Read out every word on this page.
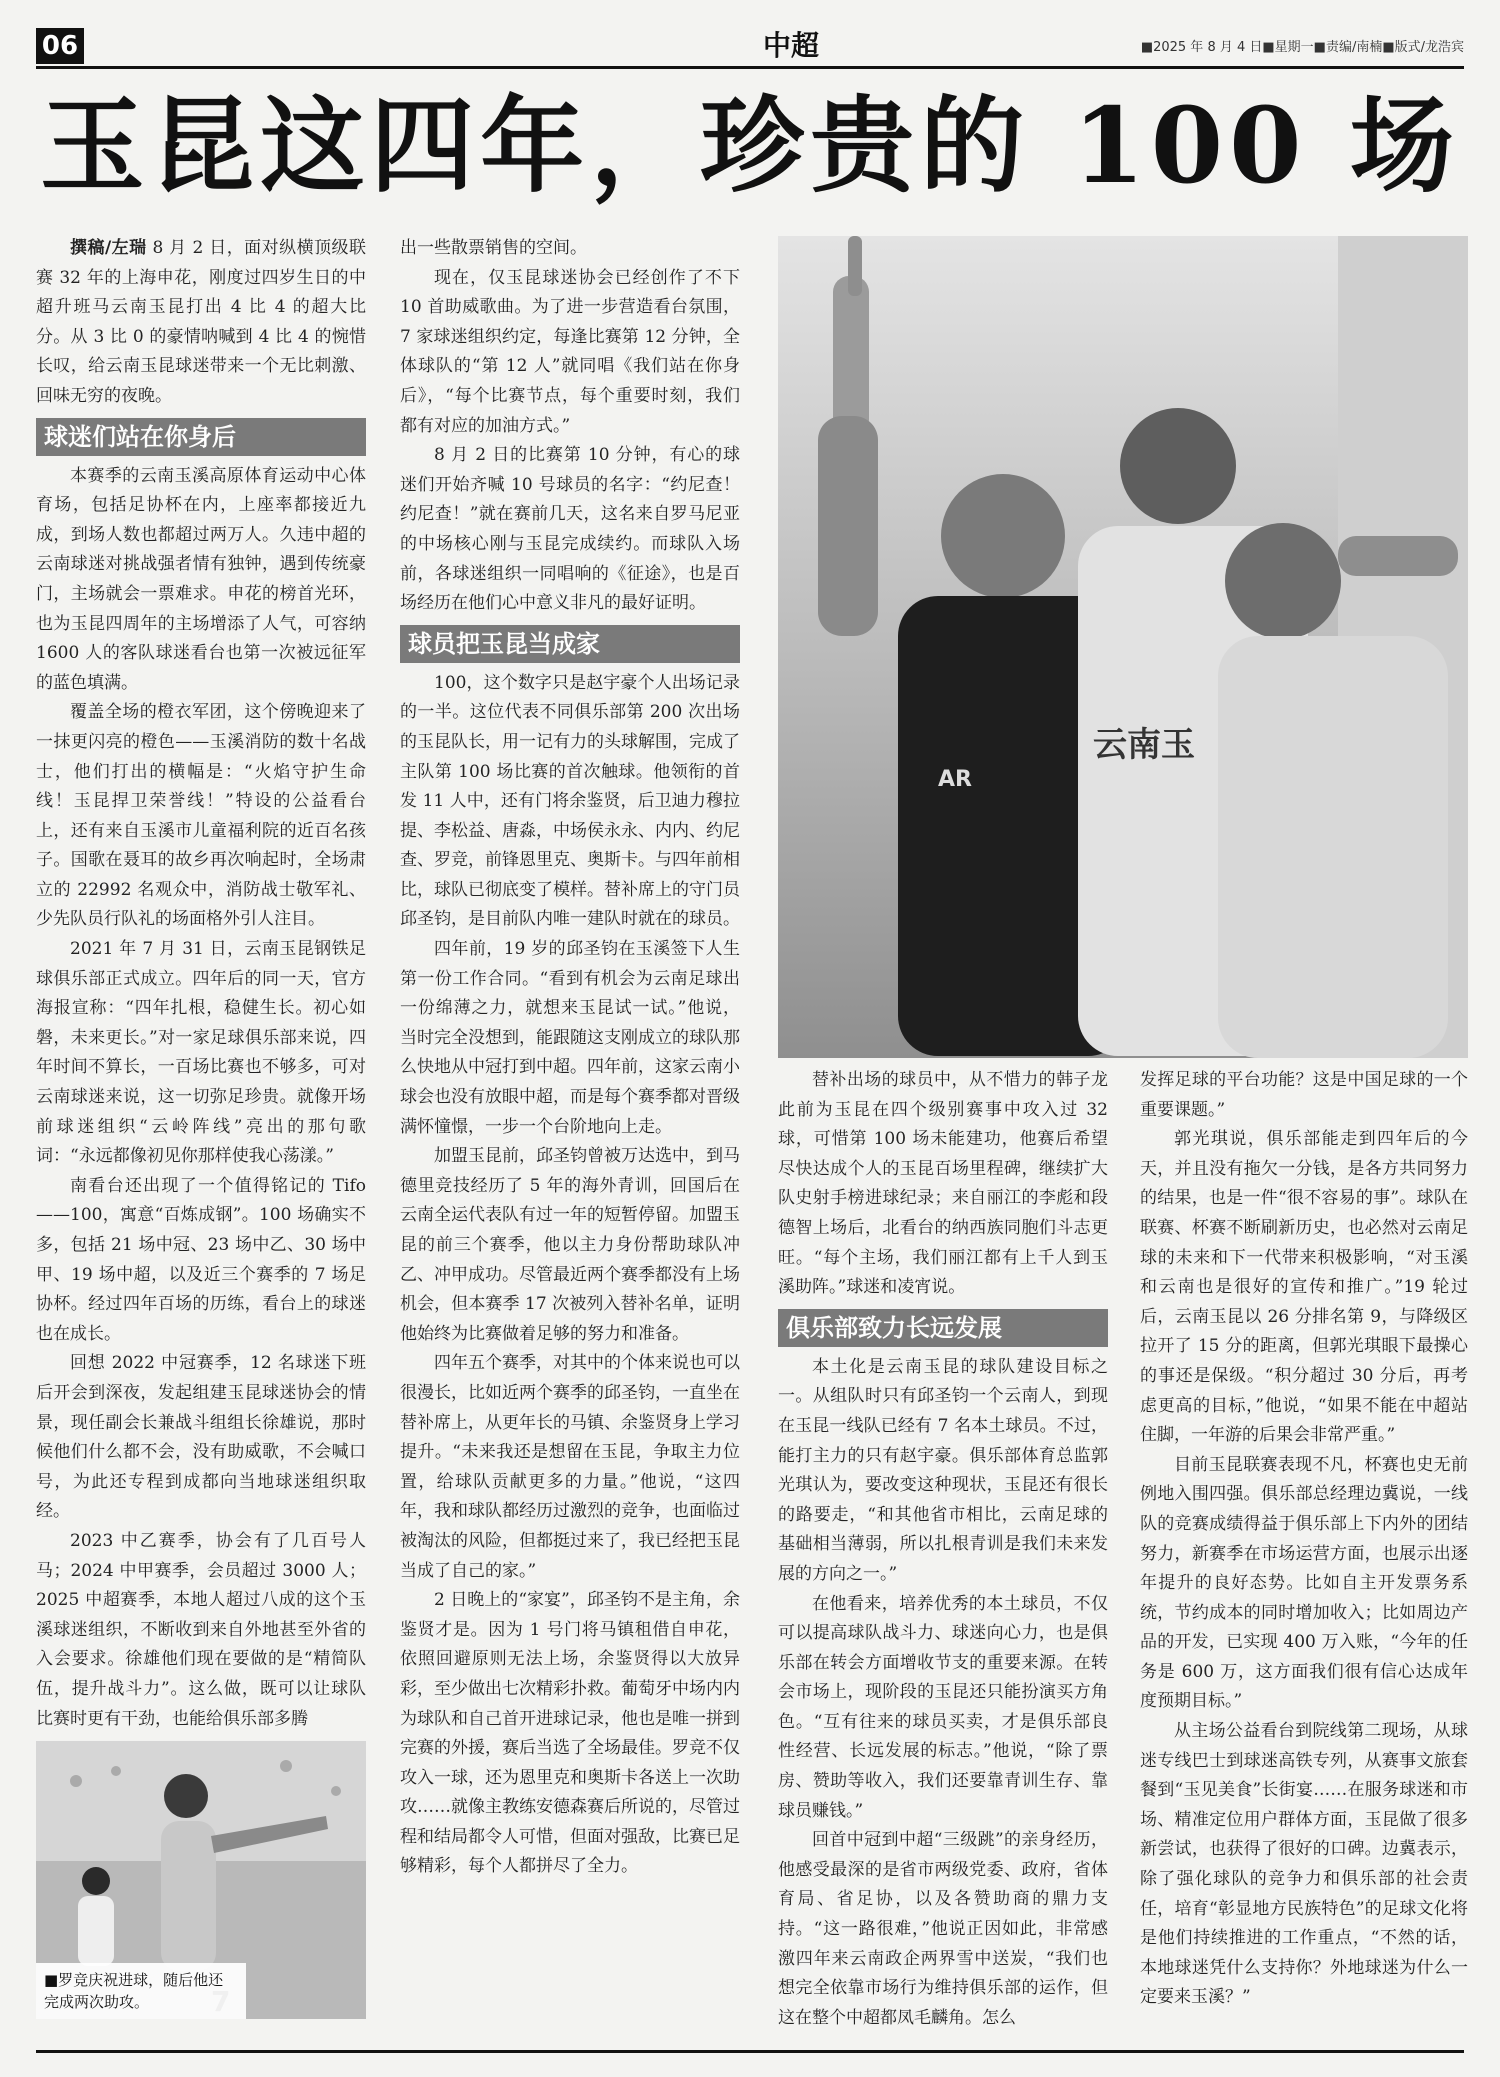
06	中超	■2025 年 8 月 4 日■星期一■责编/南楠■版式/龙浩宾
玉昆这四年，珍贵的 100 场

撰稿/左瑞 8 月 2 日，面对纵横顶级联赛 32 年的上海申花，刚度过四岁生日的中超升班马云南玉昆打出 4 比 4 的超大比分。从 3 比 0 的豪情呐喊到 4 比 4 的惋惜长叹，给云南玉昆球迷带来一个无比刺激、回味无穷的夜晚。

球迷们站在你身后

本赛季的云南玉溪高原体育运动中心体育场，包括足协杯在内，上座率都接近九成，到场人数也都超过两万人。久违中超的云南球迷对挑战强者情有独钟，遇到传统豪门，主场就会一票难求。申花的榜首光环，也为玉昆四周年的主场增添了人气，可容纳 1600 人的客队球迷看台也第一次被远征军的蓝色填满。

覆盖全场的橙衣军团，这个傍晚迎来了一抹更闪亮的橙色——玉溪消防的数十名战士，他们打出的横幅是：“火焰守护生命线！玉昆捍卫荣誉线！”特设的公益看台上，还有来自玉溪市儿童福利院的近百名孩子。国歌在聂耳的故乡再次响起时，全场肃立的 22992 名观众中，消防战士敬军礼、少先队员行队礼的场面格外引人注目。

2021 年 7 月 31 日，云南玉昆钢铁足球俱乐部正式成立。四年后的同一天，官方海报宣称：“四年扎根，稳健生长。初心如磐，未来更长。”对一家足球俱乐部来说，四年时间不算长，一百场比赛也不够多，可对云南球迷来说，这一切弥足珍贵。就像开场前球迷组织“云岭阵线”亮出的那句歌词：“永远都像初见你那样使我心荡漾。”

南看台还出现了一个值得铭记的 Tifo——100，寓意“百炼成钢”。100 场确实不多，包括 21 场中冠、23 场中乙、30 场中甲、19 场中超，以及近三个赛季的 7 场足协杯。经过四年百场的历练，看台上的球迷也在成长。

回想 2022 中冠赛季，12 名球迷下班后开会到深夜，发起组建玉昆球迷协会的情景，现任副会长兼战斗组组长徐雄说，那时候他们什么都不会，没有助威歌，不会喊口号，为此还专程到成都向当地球迷组织取经。

2023 中乙赛季，协会有了几百号人马；2024 中甲赛季，会员超过 3000 人；2025 中超赛季，本地人超过八成的这个玉溪球迷组织，不断收到来自外地甚至外省的入会要求。徐雄他们现在要做的是“精简队伍，提升战斗力”。这么做，既可以让球队比赛时更有干劲，也能给俱乐部多腾

■罗竞庆祝进球，随后他还完成两次助攻。

出一些散票销售的空间。

现在，仅玉昆球迷协会已经创作了不下 10 首助威歌曲。为了进一步营造看台氛围，7 家球迷组织约定，每逢比赛第 12 分钟，全体球队的“第 12 人”就同唱《我们站在你身后》，“每个比赛节点，每个重要时刻，我们都有对应的加油方式。”

8 月 2 日的比赛第 10 分钟，有心的球迷们开始齐喊 10 号球员的名字：“约尼查！约尼查！”就在赛前几天，这名来自罗马尼亚的中场核心刚与玉昆完成续约。而球队入场前，各球迷组织一同唱响的《征途》，也是百场经历在他们心中意义非凡的最好证明。

球员把玉昆当成家

100，这个数字只是赵宇豪个人出场记录的一半。这位代表不同俱乐部第 200 次出场的玉昆队长，用一记有力的头球解围，完成了主队第 100 场比赛的首次触球。他领衔的首发 11 人中，还有门将余鉴贤，后卫迪力穆拉提、李松益、唐淼，中场侯永永、内内、约尼查、罗竞，前锋恩里克、奥斯卡。与四年前相比，球队已彻底变了模样。替补席上的守门员邱圣钧，是目前队内唯一建队时就在的球员。

四年前，19 岁的邱圣钧在玉溪签下人生第一份工作合同。“看到有机会为云南足球出一份绵薄之力，就想来玉昆试一试。”他说，当时完全没想到，能跟随这支刚成立的球队那么快地从中冠打到中超。四年前，这家云南小球会也没有放眼中超，而是每个赛季都对晋级满怀憧憬，一步一个台阶地向上走。

加盟玉昆前，邱圣钧曾被万达选中，到马德里竞技经历了 5 年的海外青训，回国后在云南全运代表队有过一年的短暂停留。加盟玉昆的前三个赛季，他以主力身份帮助球队冲乙、冲甲成功。尽管最近两个赛季都没有上场机会，但本赛季 17 次被列入替补名单，证明他始终为比赛做着足够的努力和准备。

四年五个赛季，对其中的个体来说也可以很漫长，比如近两个赛季的邱圣钧，一直坐在替补席上，从更年长的马镇、余鉴贤身上学习提升。“未来我还是想留在玉昆，争取主力位置，给球队贡献更多的力量。”他说，“这四年，我和球队都经历过激烈的竞争，也面临过被淘汰的风险，但都挺过来了，我已经把玉昆当成了自己的家。”

2 日晚上的“家宴”，邱圣钧不是主角，余鉴贤才是。因为 1 号门将马镇租借自申花，依照回避原则无法上场，余鉴贤得以大放异彩，至少做出七次精彩扑救。葡萄牙中场内内为球队和自己首开进球记录，他也是唯一拼到完赛的外援，赛后当选了全场最佳。罗竞不仅攻入一球，还为恩里克和奥斯卡各送上一次助攻……就像主教练安德森赛后所说的，尽管过程和结局都令人可惜，但面对强敌，比赛已足够精彩，每个人都拼尽了全力。

AR
云南玉

替补出场的球员中，从不惜力的韩子龙此前为玉昆在四个级别赛事中攻入过 32 球，可惜第 100 场未能建功，他赛后希望尽快达成个人的玉昆百场里程碑，继续扩大队史射手榜进球纪录；来自丽江的李彪和段德智上场后，北看台的纳西族同胞们斗志更旺。“每个主场，我们丽江都有上千人到玉溪助阵。”球迷和凌宵说。

俱乐部致力长远发展

本土化是云南玉昆的球队建设目标之一。从组队时只有邱圣钧一个云南人，到现在玉昆一线队已经有 7 名本土球员。不过，能打主力的只有赵宇豪。俱乐部体育总监郭光琪认为，要改变这种现状，玉昆还有很长的路要走，“和其他省市相比，云南足球的基础相当薄弱，所以扎根青训是我们未来发展的方向之一。”

在他看来，培养优秀的本土球员，不仅可以提高球队战斗力、球迷向心力，也是俱乐部在转会方面增收节支的重要来源。在转会市场上，现阶段的玉昆还只能扮演买方角色。“互有往来的球员买卖，才是俱乐部良性经营、长远发展的标志。”他说，“除了票房、赞助等收入，我们还要靠青训生存、靠球员赚钱。”

回首中冠到中超“三级跳”的亲身经历，他感受最深的是省市两级党委、政府，省体育局、省足协，以及各赞助商的鼎力支持。“这一路很难，”他说正因如此，非常感激四年来云南政企两界雪中送炭，“我们也想完全依靠市场行为维持俱乐部的运作，但这在整个中超都凤毛麟角。怎么

发挥足球的平台功能？这是中国足球的一个重要课题。”

郭光琪说，俱乐部能走到四年后的今天，并且没有拖欠一分钱，是各方共同努力的结果，也是一件“很不容易的事”。球队在联赛、杯赛不断刷新历史，也必然对云南足球的未来和下一代带来积极影响，“对玉溪和云南也是很好的宣传和推广。”19 轮过后，云南玉昆以 26 分排名第 9，与降级区拉开了 15 分的距离，但郭光琪眼下最操心的事还是保级。“积分超过 30 分后，再考虑更高的目标，”他说，“如果不能在中超站住脚，一年游的后果会非常严重。”

目前玉昆联赛表现不凡，杯赛也史无前例地入围四强。俱乐部总经理边冀说，一线队的竞赛成绩得益于俱乐部上下内外的团结努力，新赛季在市场运营方面，也展示出逐年提升的良好态势。比如自主开发票务系统，节约成本的同时增加收入；比如周边产品的开发，已实现 400 万入账，“今年的任务是 600 万，这方面我们很有信心达成年度预期目标。”

从主场公益看台到院线第二现场，从球迷专线巴士到球迷高铁专列，从赛事文旅套餐到“玉见美食”长街宴……在服务球迷和市场、精准定位用户群体方面，玉昆做了很多新尝试，也获得了很好的口碑。边冀表示，除了强化球队的竞争力和俱乐部的社会责任，培育“彰显地方民族特色”的足球文化将是他们持续推进的工作重点，“不然的话，本地球迷凭什么支持你？外地球迷为什么一定要来玉溪？”
